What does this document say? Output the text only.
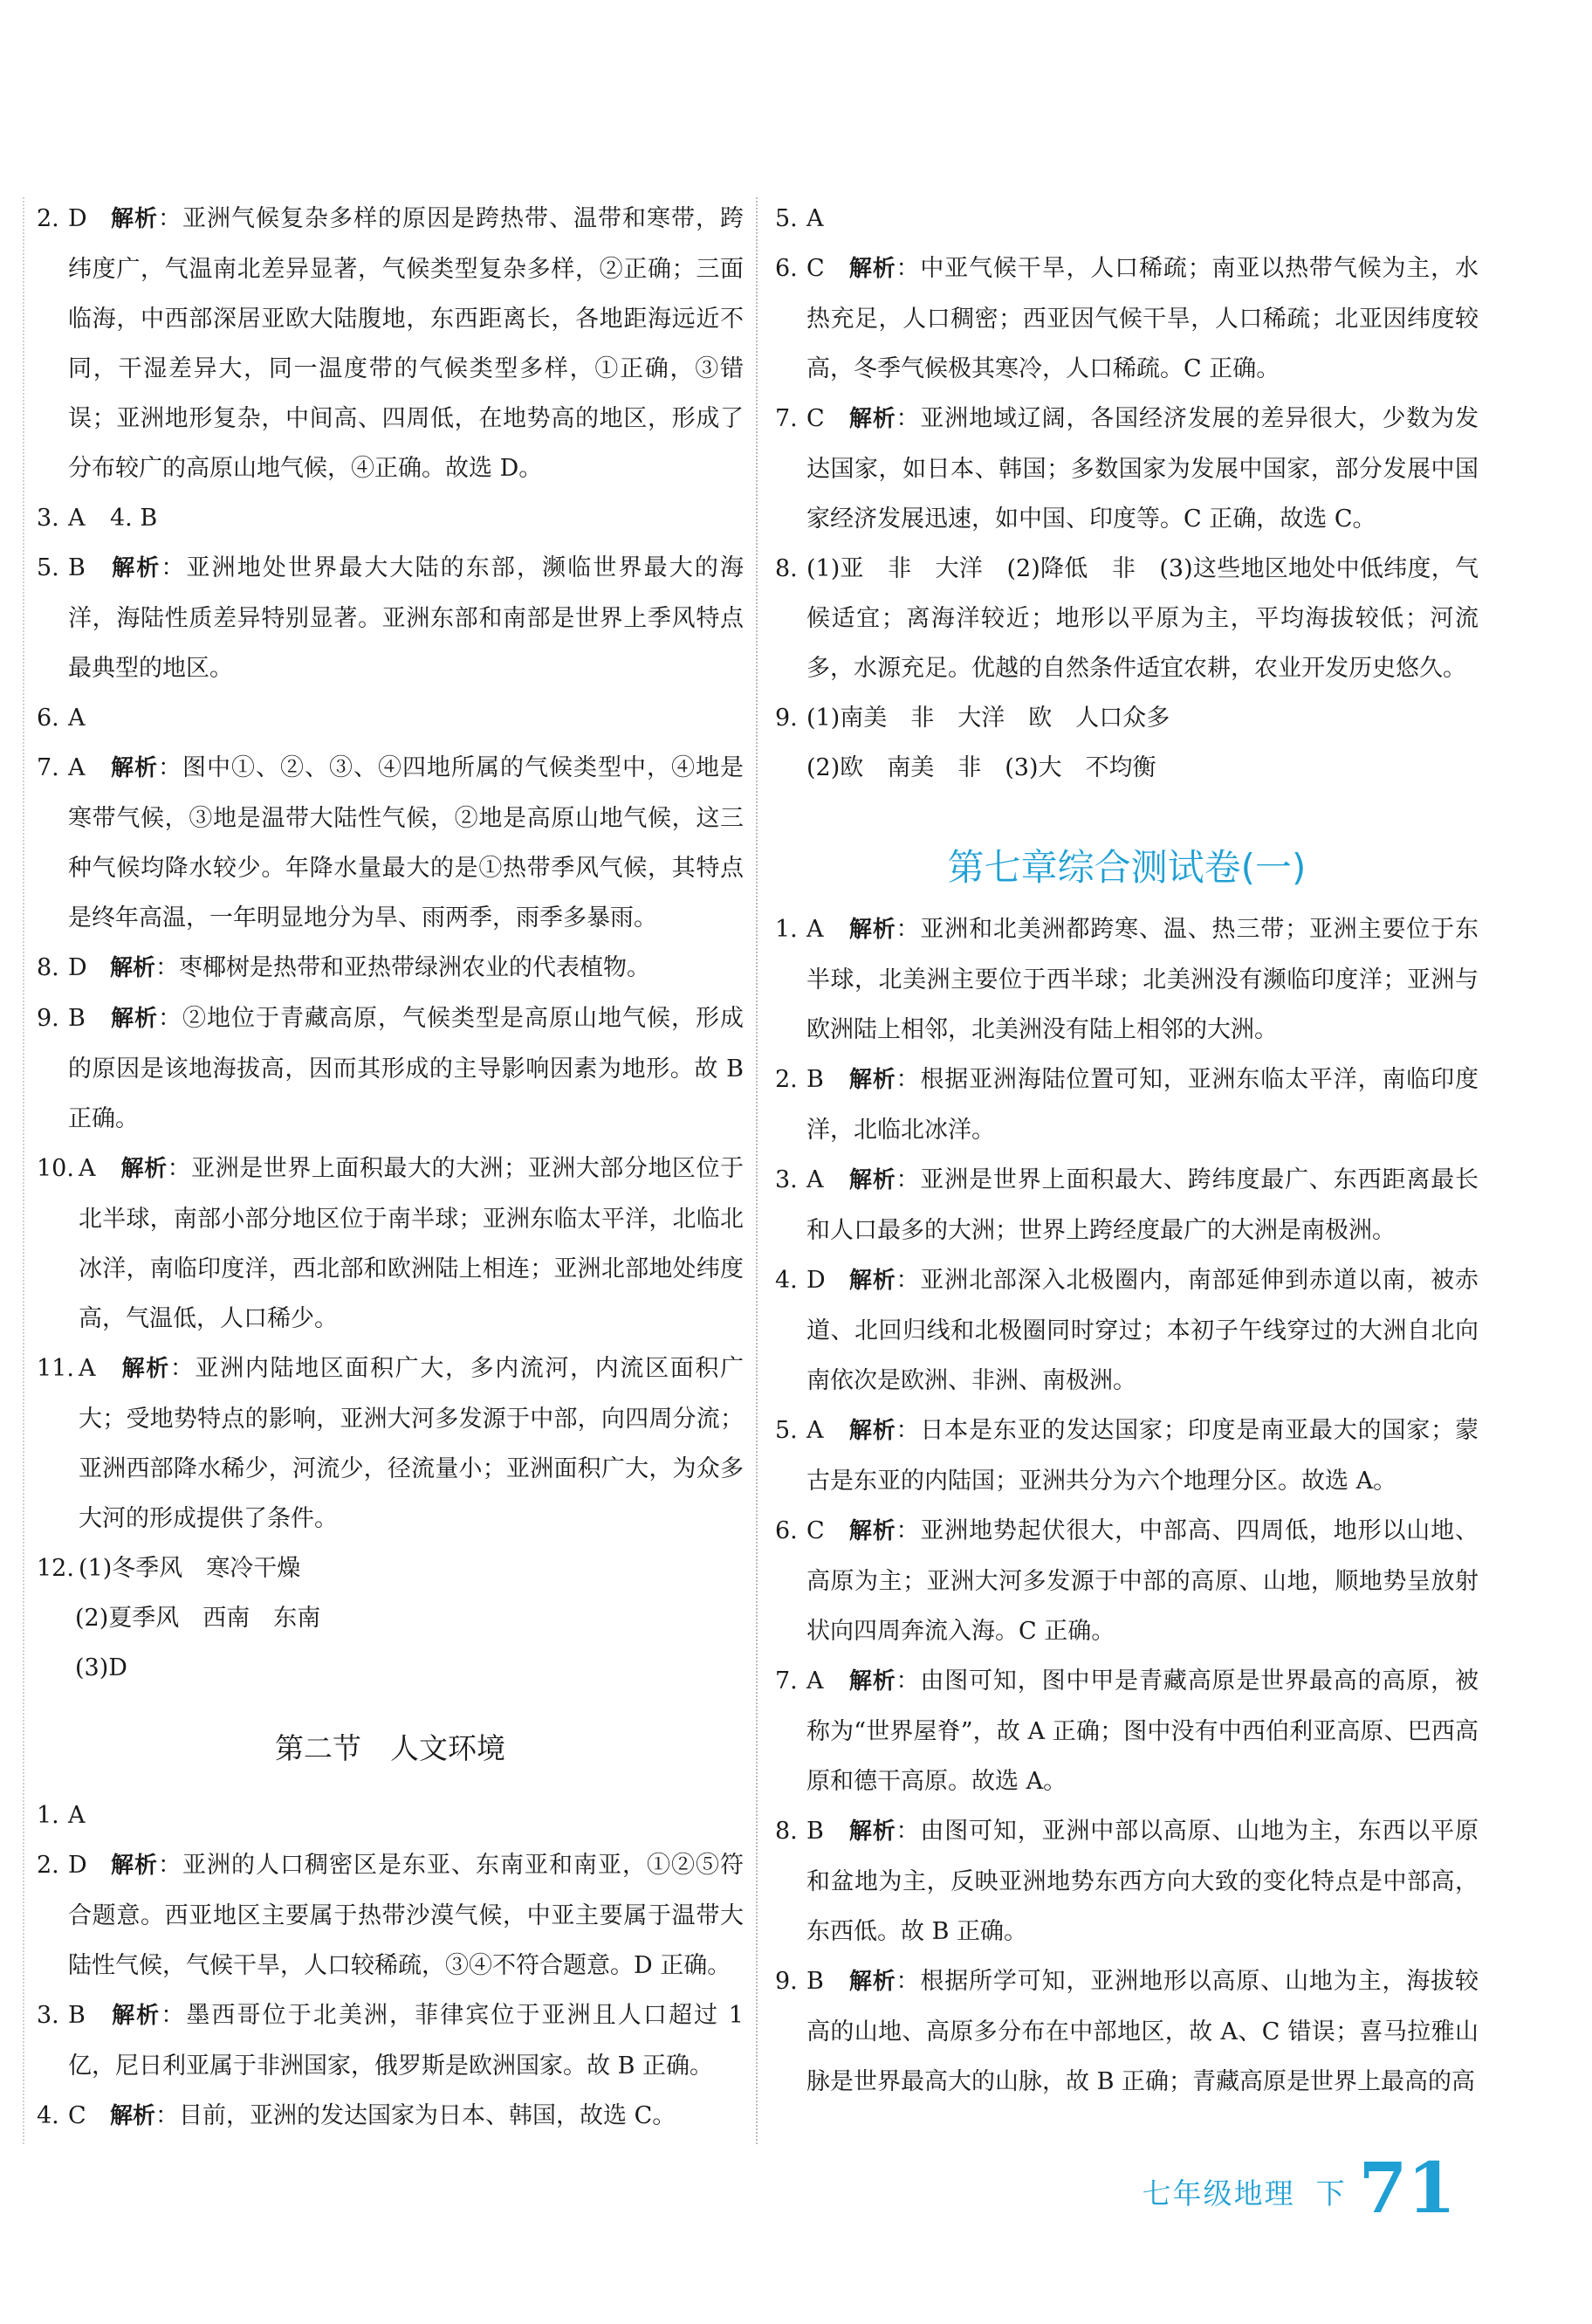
2. D 解析：亚洲气候复杂多样的原因是跨热带、温带和寒带，跨纬度广，气温南北差异显著，气候类型复杂多样，②正确；三面临海，中西部深居亚欧大陆腹地，东西距离长，各地距海远近不同，干湿差异大，同一温度带的气候类型多样，①正确，③错误；亚洲地形复杂，中间高、四周低，在地势高的地区，形成了分布较广的高原山地气候，④正确。故选 D。

3. A 4. B

5. B 解析：亚洲地处世界最大大陆的东部，濒临世界最大的海洋，海陆性质差异特别显著。亚洲东部和南部是世界上季风特点最典型的地区。

6. A

7. A 解析：图中①、②、③、④四地所属的气候类型中，④地是寒带气候，③地是温带大陆性气候，②地是高原山地气候，这三种气候均降水较少。年降水量最大的是①热带季风气候，其特点是终年高温，一年明显地分为旱、雨两季，雨季多暴雨。

8. D 解析：枣椰树是热带和亚热带绿洲农业的代表植物。

9. B 解析：②地位于青藏高原，气候类型是高原山地气候，形成的原因是该地海拔高，因而其形成的主导影响因素为地形。故 B 正确。

10. A 解析：亚洲是世界上面积最大的大洲；亚洲大部分地区位于北半球，南部小部分地区位于南半球；亚洲东临太平洋，北临北冰洋，南临印度洋，西北部和欧洲陆上相连；亚洲北部地处纬度高，气温低，人口稀少。

11. A 解析：亚洲内陆地区面积广大，多内流河，内流区面积广大；受地势特点的影响，亚洲大河多发源于中部，向四周分流；亚洲西部降水稀少，河流少，径流量小；亚洲面积广大，为众多大河的形成提供了条件。

12. (1)冬季风　寒冷干燥

(2)夏季风　西南　东南

(3)D

第二节　人文环境

1. A

2. D 解析：亚洲的人口稠密区是东亚、东南亚和南亚，①②⑤符合题意。西亚地区主要属于热带沙漠气候，中亚主要属于温带大陆性气候，气候干旱，人口较稀疏，③④不符合题意。D 正确。

3. B 解析：墨西哥位于北美洲，菲律宾位于亚洲且人口超过 1 亿，尼日利亚属于非洲国家，俄罗斯是欧洲国家。故 B 正确。

4. C 解析：目前，亚洲的发达国家为日本、韩国，故选 C。

5. A

6. C 解析：中亚气候干旱，人口稀疏；南亚以热带气候为主，水热充足，人口稠密；西亚因气候干旱，人口稀疏；北亚因纬度较高，冬季气候极其寒冷，人口稀疏。C 正确。

7. C 解析：亚洲地域辽阔，各国经济发展的差异很大，少数为发达国家，如日本、韩国；多数国家为发展中国家，部分发展中国家经济发展迅速，如中国、印度等。C 正确，故选 C。

8. (1)亚　非　大洋　(2)降低　非　(3)这些地区地处中低纬度，气候适宜；离海洋较近；地形以平原为主，平均海拔较低；河流多，水源充足。优越的自然条件适宜农耕，农业开发历史悠久。

9. (1)南美　非　大洋　欧　人口众多

(2)欧　南美　非　(3)大　不均衡

第七章综合测试卷(一)

1. A 解析：亚洲和北美洲都跨寒、温、热三带；亚洲主要位于东半球，北美洲主要位于西半球；北美洲没有濒临印度洋；亚洲与欧洲陆上相邻，北美洲没有陆上相邻的大洲。

2. B 解析：根据亚洲海陆位置可知，亚洲东临太平洋，南临印度洋，北临北冰洋。

3. A 解析：亚洲是世界上面积最大、跨纬度最广、东西距离最长和人口最多的大洲；世界上跨经度最广的大洲是南极洲。

4. D 解析：亚洲北部深入北极圈内，南部延伸到赤道以南，被赤道、北回归线和北极圈同时穿过；本初子午线穿过的大洲自北向南依次是欧洲、非洲、南极洲。

5. A 解析：日本是东亚的发达国家；印度是南亚最大的国家；蒙古是东亚的内陆国；亚洲共分为六个地理分区。故选 A。

6. C 解析：亚洲地势起伏很大，中部高、四周低，地形以山地、高原为主；亚洲大河多发源于中部的高原、山地，顺地势呈放射状向四周奔流入海。C 正确。

7. A 解析：由图可知，图中甲是青藏高原是世界最高的高原，被称为“世界屋脊”，故 A 正确；图中没有中西伯利亚高原、巴西高原和德干高原。故选 A。

8. B 解析：由图可知，亚洲中部以高原、山地为主，东西以平原和盆地为主，反映亚洲地势东西方向大致的变化特点是中部高，东西低。故 B 正确。

9. B 解析：根据所学可知，亚洲地形以高原、山地为主，海拔较高的山地、高原多分布在中部地区，故 A、C 错误；喜马拉雅山脉是世界最高大的山脉，故 B 正确；青藏高原是世界上最高的高

七年级地理 下 71
